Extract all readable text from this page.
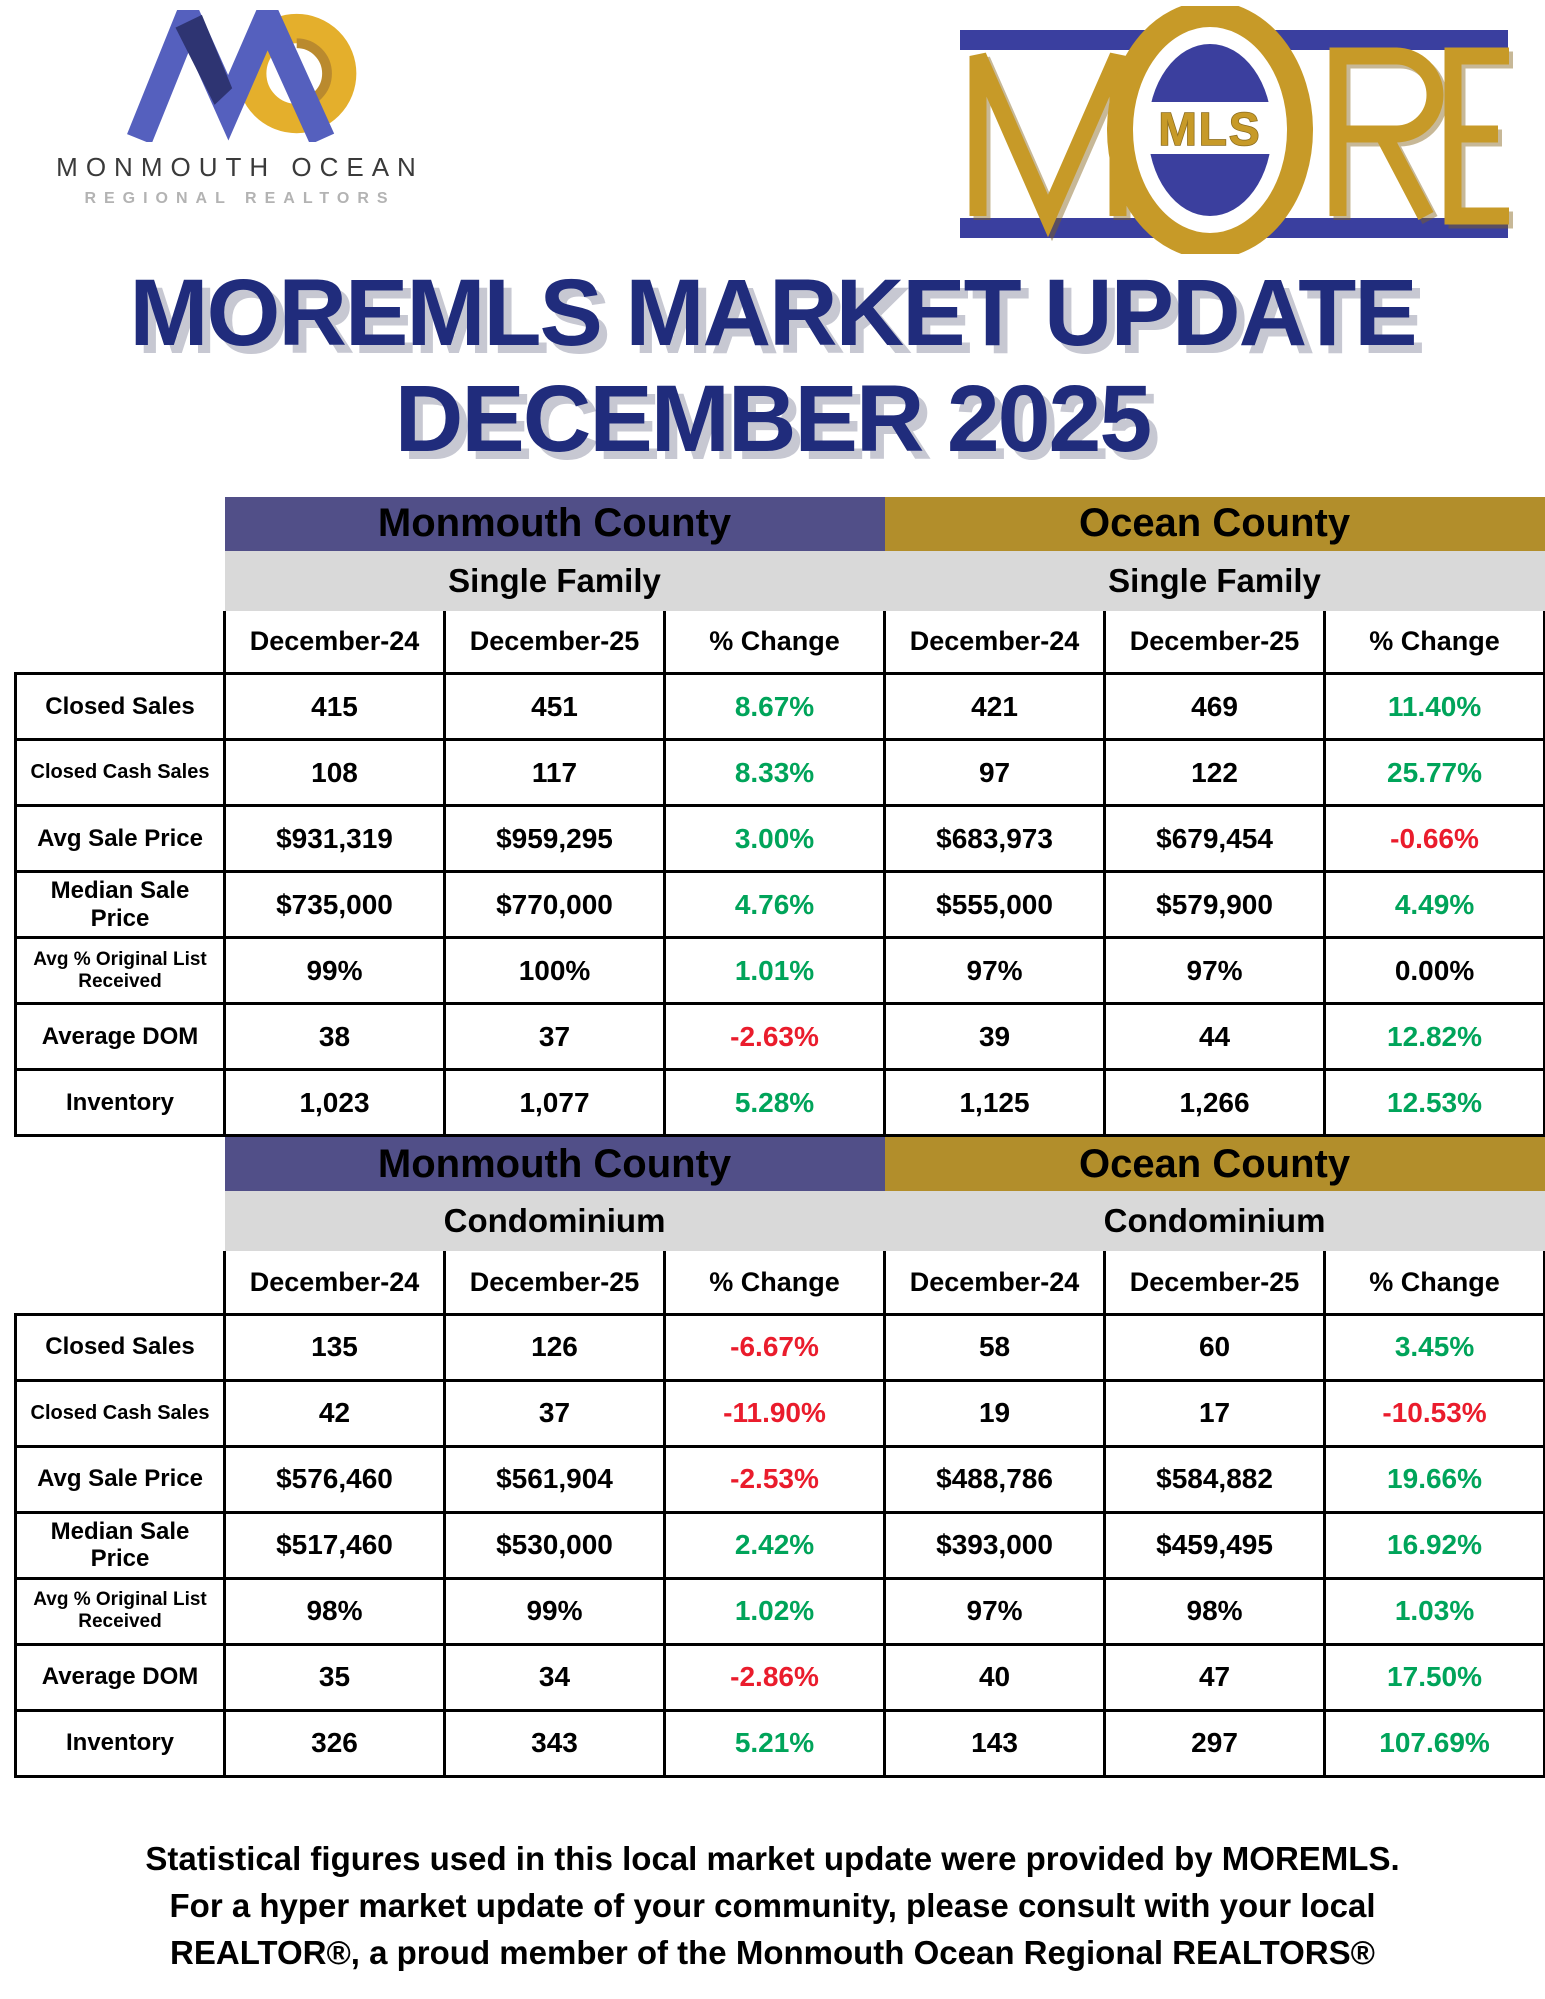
MONMOUTH OCEAN
REGIONAL REALTORS
MLS
MOREMLS MARKET UPDATE
DECEMBER 2025
	Monmouth County			Ocean County		
	Single Family			Single Family		
	December-24	December-25	% Change	December-24	December-25	% Change
Closed Sales	415	451	8.67%	421	469	11.40%
Closed Cash Sales	108	117	8.33%	97	122	25.77%
Avg Sale Price	$931,319	$959,295	3.00%	$683,973	$679,454	-0.66%
Median Sale Price	$735,000	$770,000	4.76%	$555,000	$579,900	4.49%
Avg % Original List Received	99%	100%	1.01%	97%	97%	0.00%
Average DOM	38	37	-2.63%	39	44	12.82%
Inventory	1,023	1,077	5.28%	1,125	1,266	12.53%
	Monmouth County			Ocean County		
	Condominium			Condominium		
	December-24	December-25	% Change	December-24	December-25	% Change
Closed Sales	135	126	-6.67%	58	60	3.45%
Closed Cash Sales	42	37	-11.90%	19	17	-10.53%
Avg Sale Price	$576,460	$561,904	-2.53%	$488,786	$584,882	19.66%
Median Sale Price	$517,460	$530,000	2.42%	$393,000	$459,495	16.92%
Avg % Original List Received	98%	99%	1.02%	97%	98%	1.03%
Average DOM	35	34	-2.86%	40	47	17.50%
Inventory	326	343	5.21%	143	297	107.69%
Statistical figures used in this local market update were provided by MOREMLS.
For a hyper market update of your community, please consult with your local
REALTOR®, a proud member of the Monmouth Ocean Regional REALTORS®
